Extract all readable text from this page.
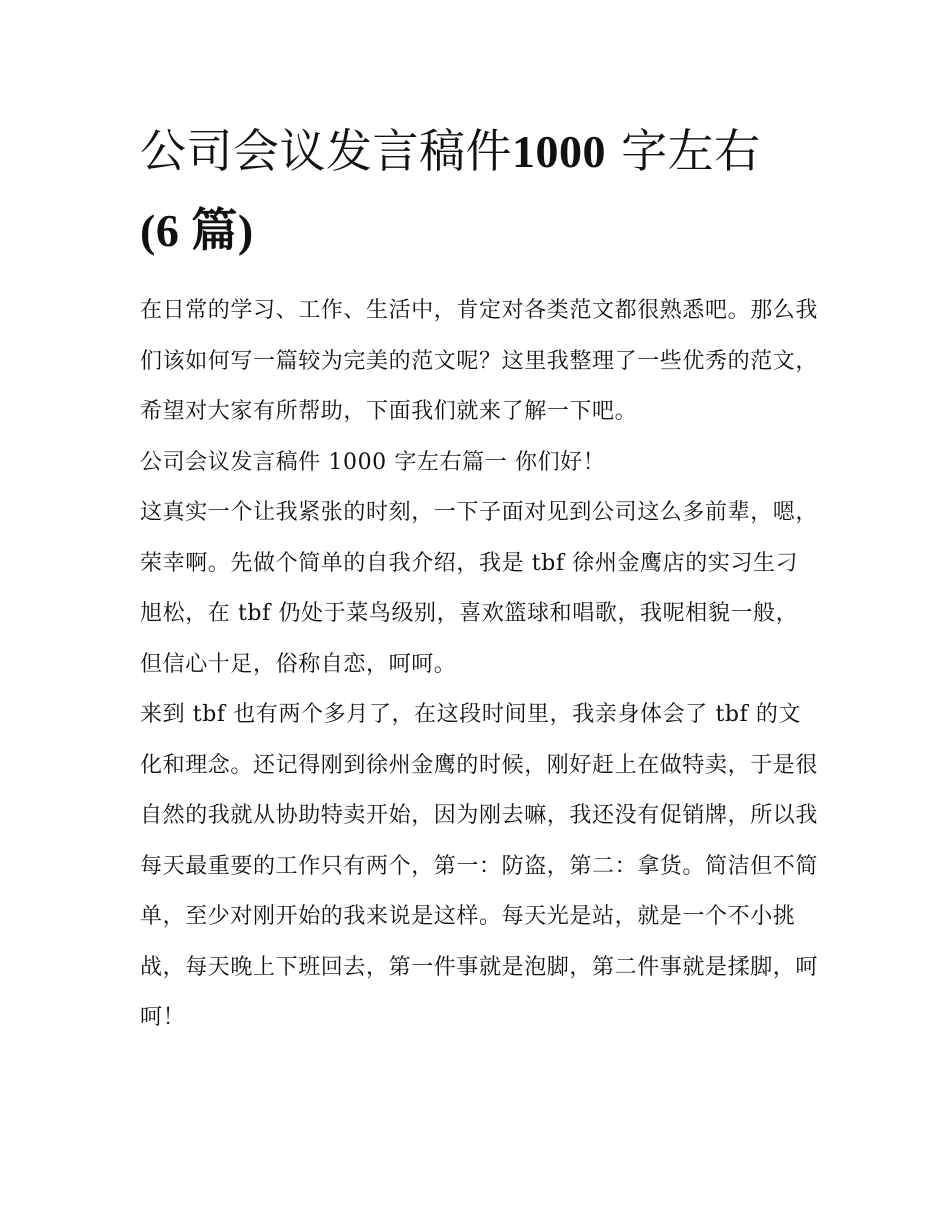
公司会议发言稿件1000 字左右
(6 篇)

在日常的学习、工作、生活中，肯定对各类范文都很熟悉吧。那么我们该如何写一篇较为完美的范文呢？这里我整理了一些优秀的范文，希望对大家有所帮助，下面我们就来了解一下吧。

公司会议发言稿件 1000 字左右篇一 你们好！

这真实一个让我紧张的时刻，一下子面对见到公司这么多前辈，嗯，荣幸啊。先做个简单的自我介绍，我是 tbf 徐州金鹰店的实习生刁旭松，在 tbf 仍处于菜鸟级别，喜欢篮球和唱歌，我呢相貌一般，但信心十足，俗称自恋，呵呵。

来到 tbf 也有两个多月了，在这段时间里，我亲身体会了 tbf 的文化和理念。还记得刚到徐州金鹰的时候，刚好赶上在做特卖，于是很自然的我就从协助特卖开始，因为刚去嘛，我还没有促销牌，所以我每天最重要的工作只有两个，第一：防盗，第二：拿货。简洁但不简单，至少对刚开始的我来说是这样。每天光是站，就是一个不小挑战，每天晚上下班回去，第一件事就是泡脚，第二件事就是揉脚，呵呵！
